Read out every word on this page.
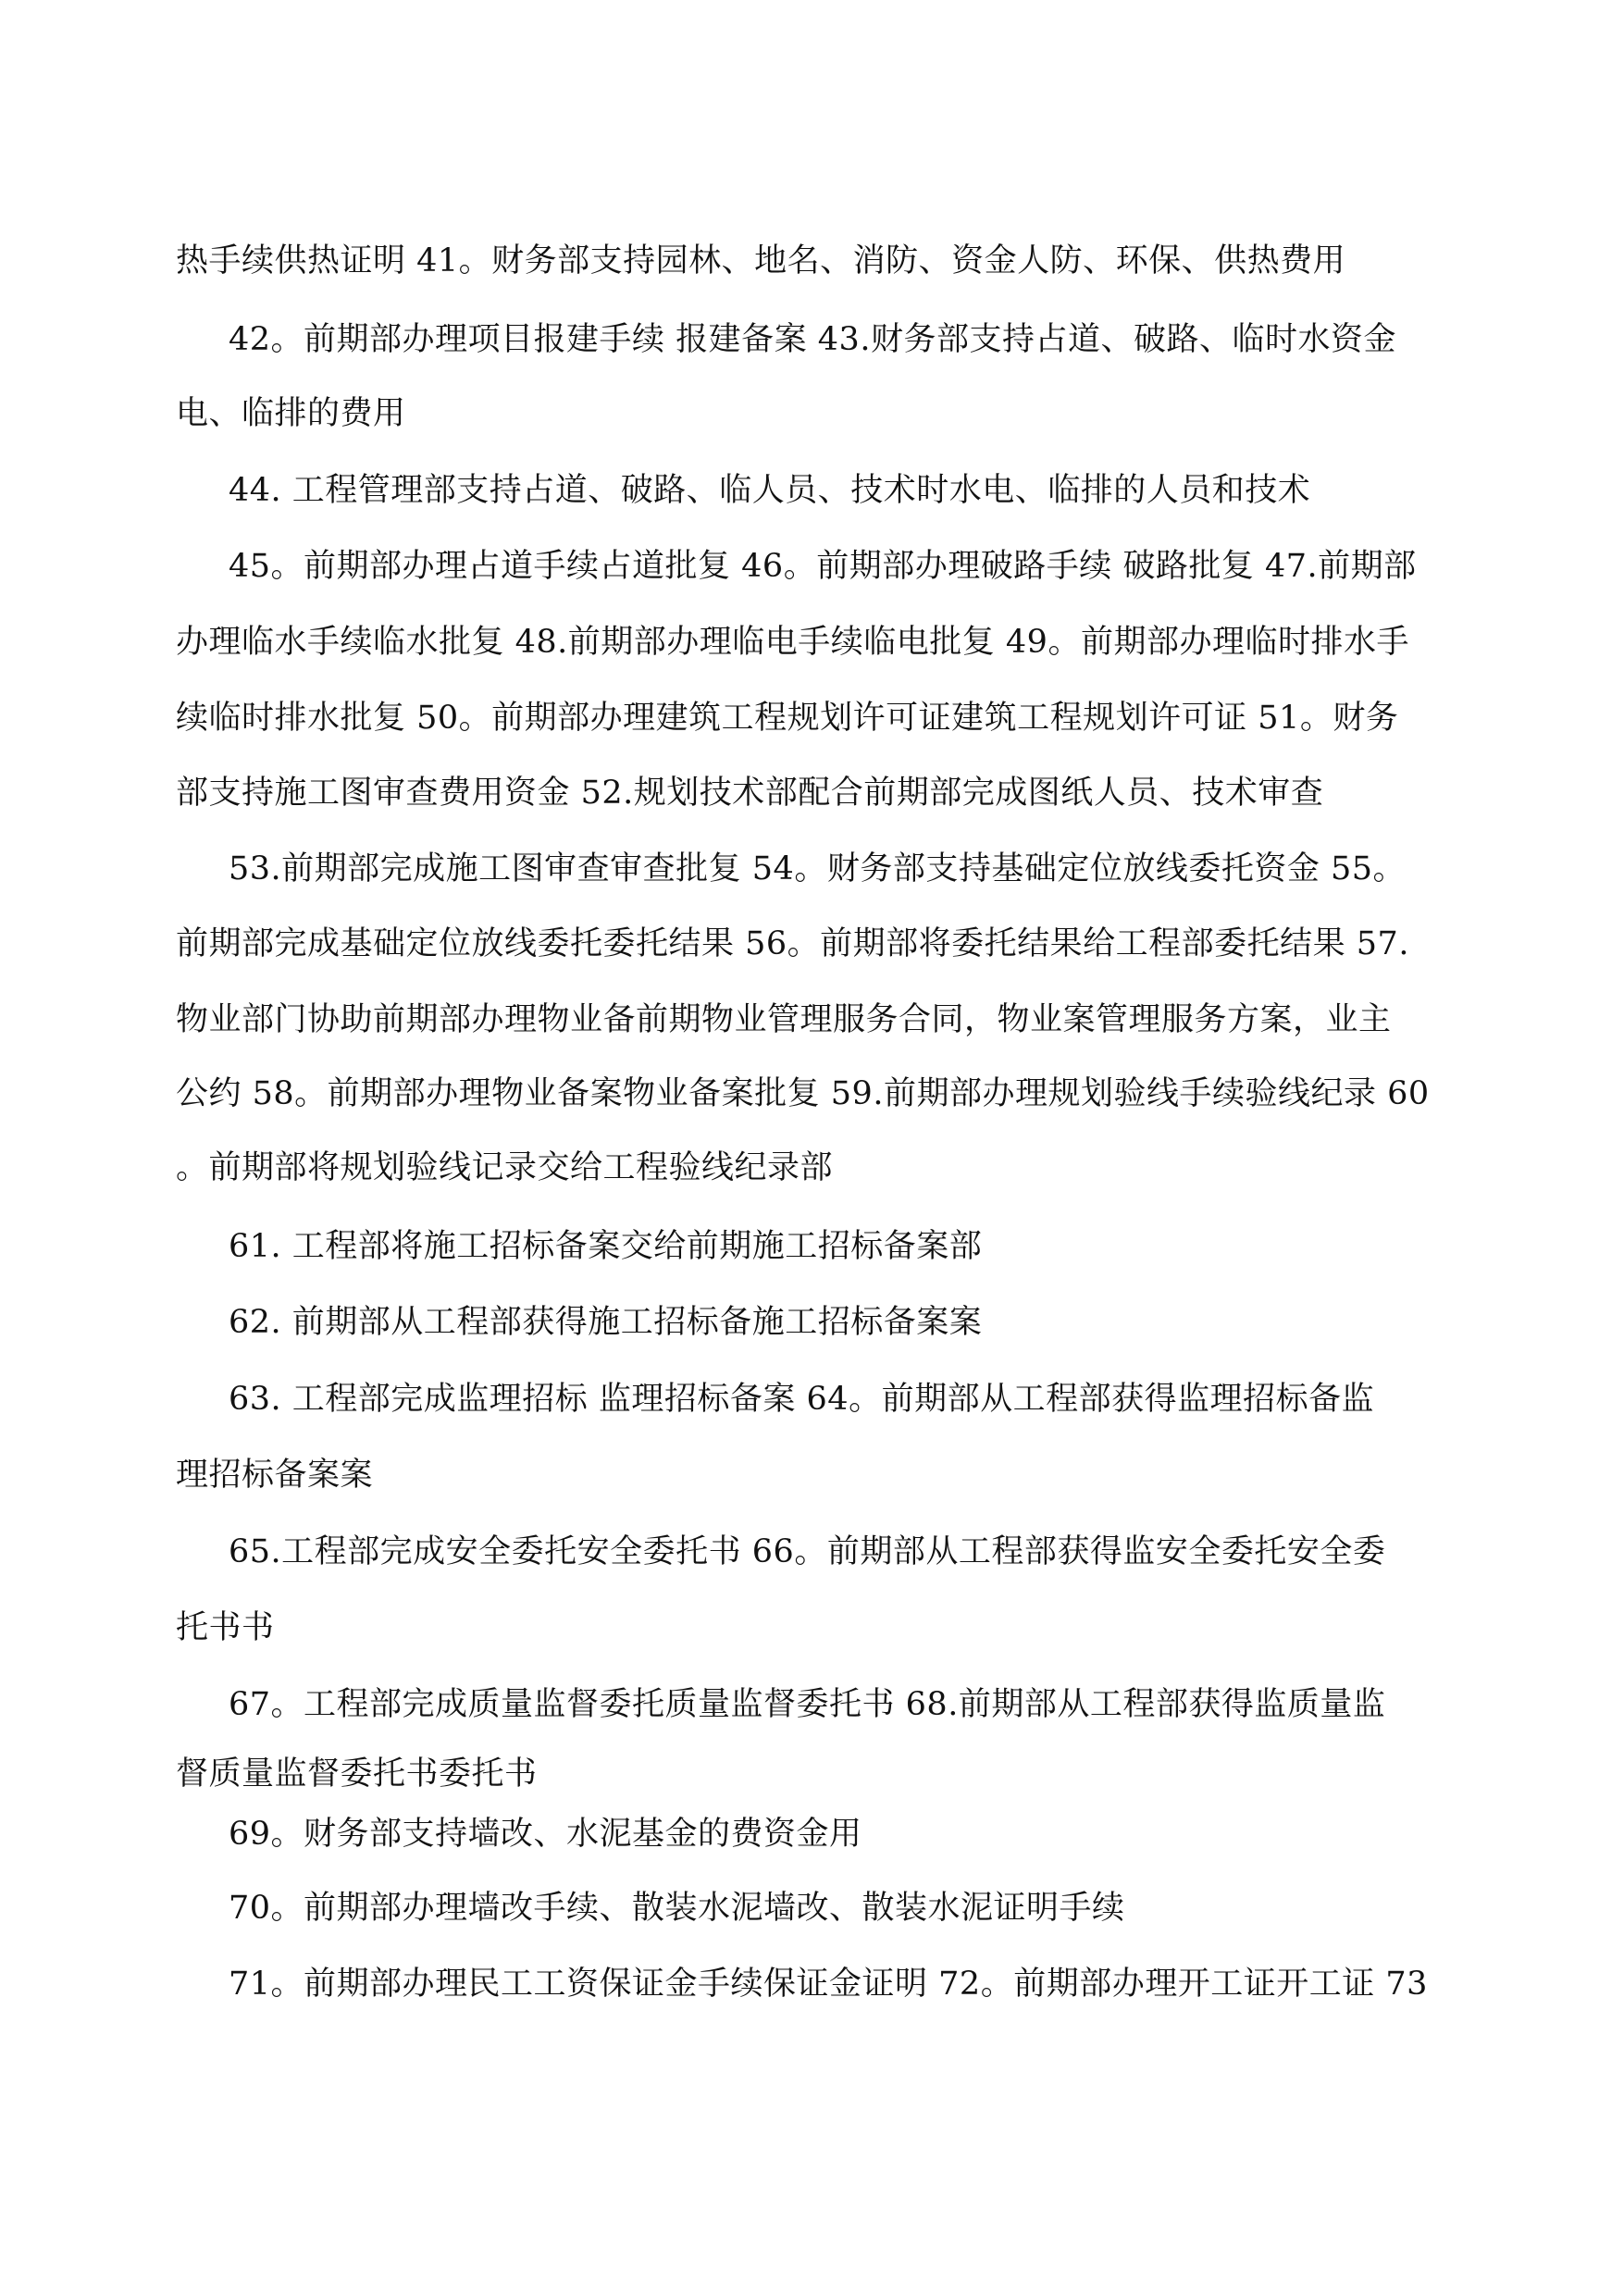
热手续供热证明 41。财务部支持园林、地名、消防、资金人防、环保、供热费用
42。前期部办理项目报建手续 报建备案 43.财务部支持占道、破路、临时水资金
电、临排的费用
44. 工程管理部支持占道、破路、临人员、技术时水电、临排的人员和技术
45。前期部办理占道手续占道批复 46。前期部办理破路手续 破路批复 47.前期部
办理临水手续临水批复 48.前期部办理临电手续临电批复 49。前期部办理临时排水手
续临时排水批复 50。前期部办理建筑工程规划许可证建筑工程规划许可证 51。财务
部支持施工图审查费用资金 52.规划技术部配合前期部完成图纸人员、技术审查
53.前期部完成施工图审查审查批复 54。财务部支持基础定位放线委托资金 55。
前期部完成基础定位放线委托委托结果 56。前期部将委托结果给工程部委托结果 57.
物业部门协助前期部办理物业备前期物业管理服务合同，物业案管理服务方案，业主
公约 58。前期部办理物业备案物业备案批复 59.前期部办理规划验线手续验线纪录 60
。前期部将规划验线记录交给工程验线纪录部
61. 工程部将施工招标备案交给前期施工招标备案部
62. 前期部从工程部获得施工招标备施工招标备案案
63. 工程部完成监理招标 监理招标备案 64。前期部从工程部获得监理招标备监
理招标备案案
65.工程部完成安全委托安全委托书 66。前期部从工程部获得监安全委托安全委
托书书
67。工程部完成质量监督委托质量监督委托书 68.前期部从工程部获得监质量监
督质量监督委托书委托书
69。财务部支持墙改、水泥基金的费资金用
70。前期部办理墙改手续、散装水泥墙改、散装水泥证明手续
71。前期部办理民工工资保证金手续保证金证明 72。前期部办理开工证开工证 73
